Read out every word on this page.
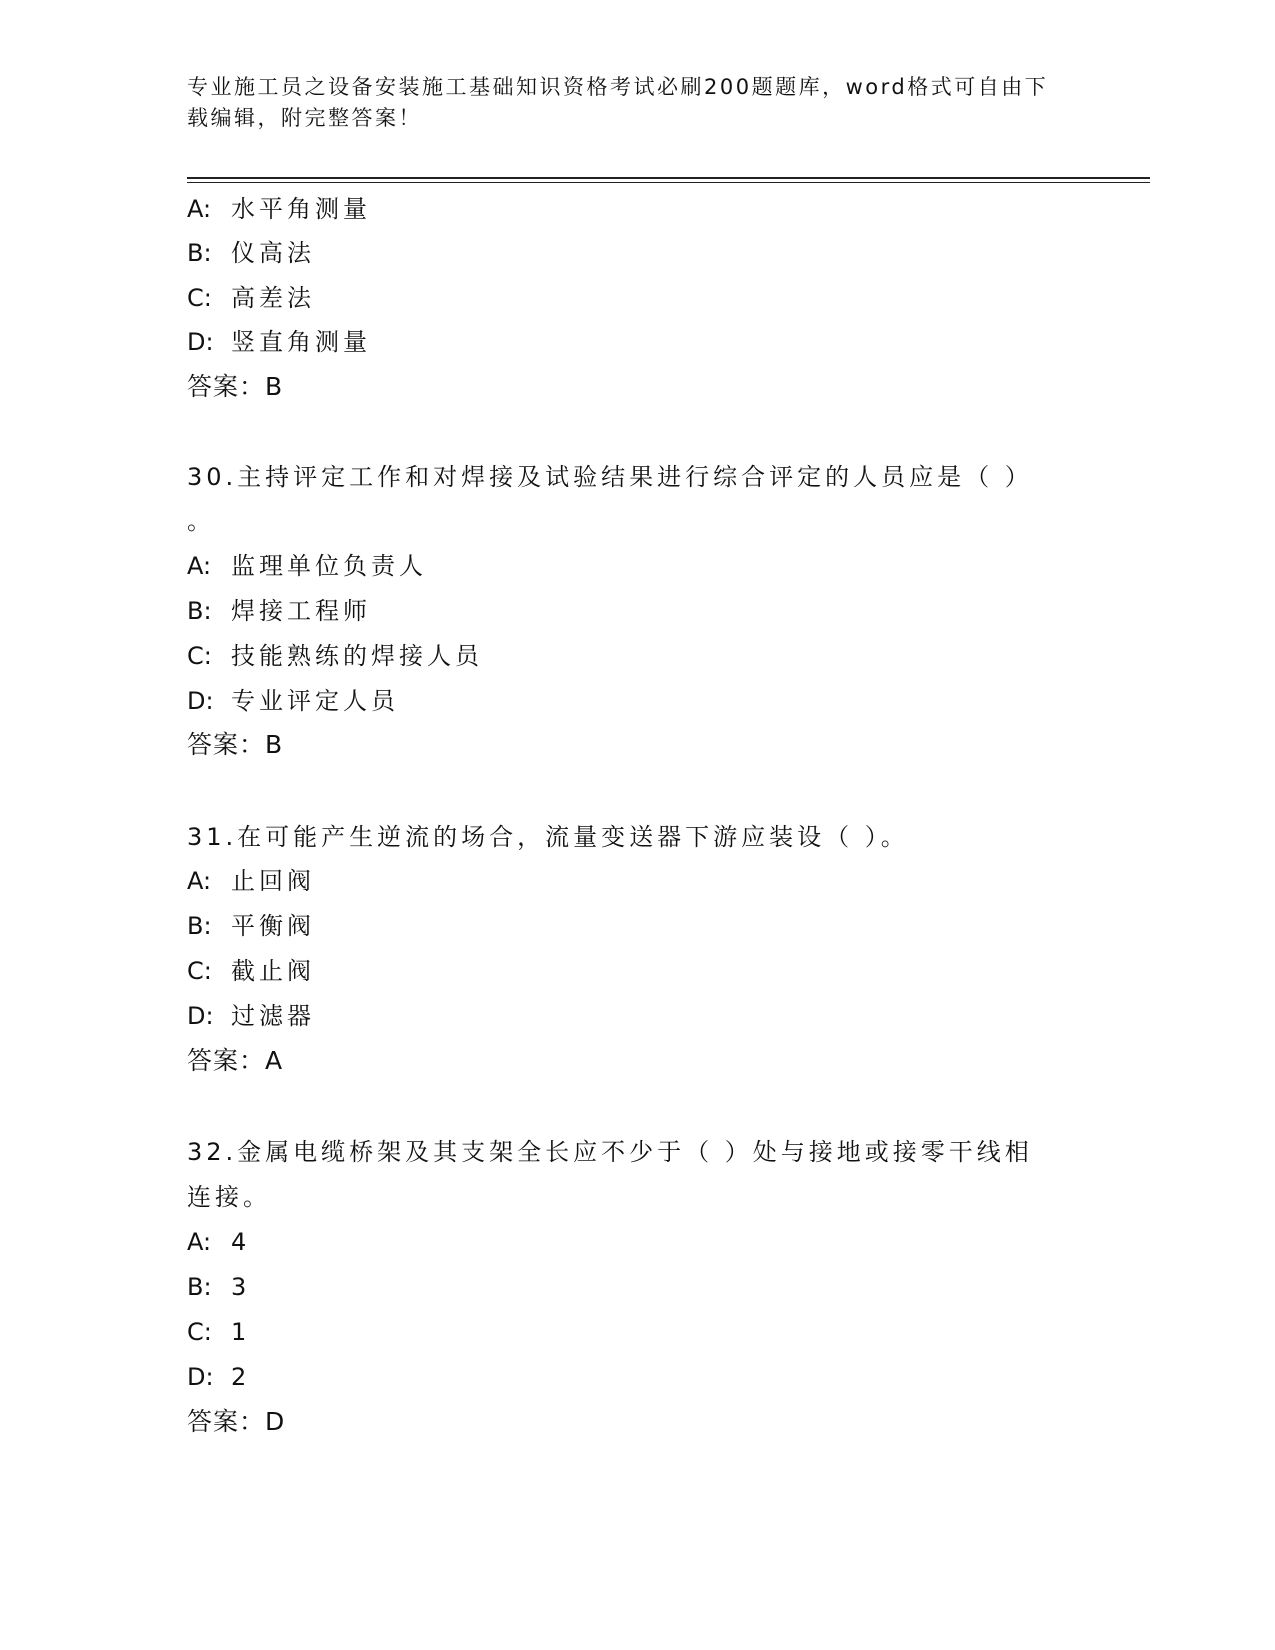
专业施工员之设备安装施工基础知识资格考试必刷200题题库，word格式可自由下载编辑，附完整答案！
A: 水平角测量
B: 仪高法
C: 高差法
D: 竖直角测量
答案：B
30.主持评定工作和对焊接及试验结果进行综合评定的人员应是（ ）
。
A: 监理单位负责人
B: 焊接工程师
C: 技能熟练的焊接人员
D: 专业评定人员
答案：B
31.在可能产生逆流的场合，流量变送器下游应装设（ ）。
A: 止回阀
B: 平衡阀
C: 截止阀
D: 过滤器
答案：A
32.金属电缆桥架及其支架全长应不少于（ ）处与接地或接零干线相
连接。
A: 4
B: 3
C: 1
D: 2
答案：D
